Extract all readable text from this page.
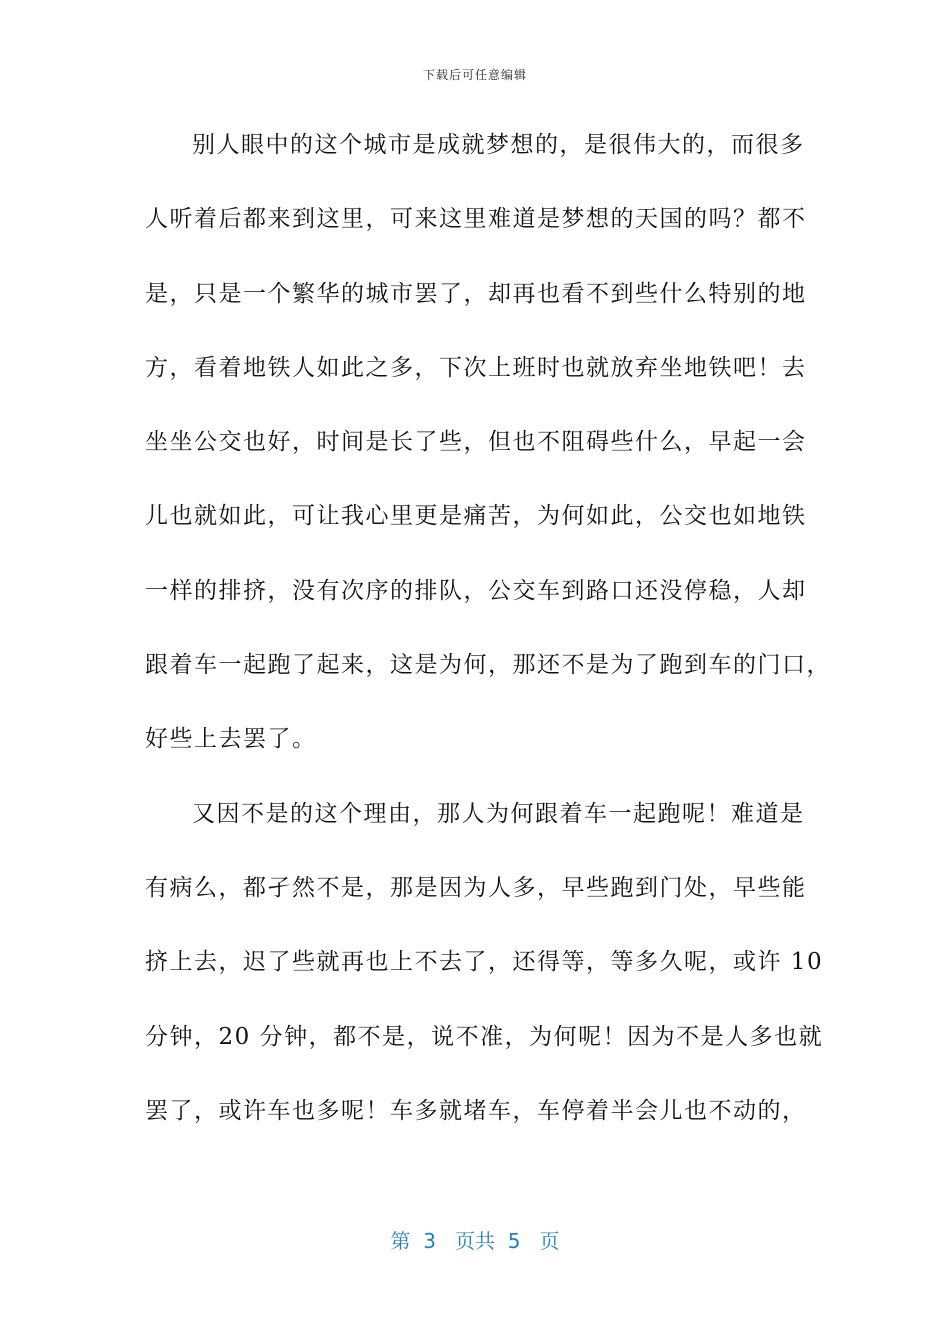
下载后可任意编辑
别人眼中的这个城市是成就梦想的，是很伟大的，而很多
人听着后都来到这里，可来这里难道是梦想的天国的吗？都不
是，只是一个繁华的城市罢了，却再也看不到些什么特别的地
方，看着地铁人如此之多，下次上班时也就放弃坐地铁吧！去
坐坐公交也好，时间是长了些，但也不阻碍些什么，早起一会
儿也就如此，可让我心里更是痛苦，为何如此，公交也如地铁
一样的排挤，没有次序的排队，公交车到路口还没停稳，人却
跟着车一起跑了起来，这是为何，那还不是为了跑到车的门口，
好些上去罢了。
又因不是的这个理由，那人为何跟着车一起跑呢！难道是
有病么，都孑然不是，那是因为人多，早些跑到门处，早些能
挤上去，迟了些就再也上不去了，还得等，等多久呢，或许 10
分钟，20 分钟，都不是，说不准，为何呢！因为不是人多也就
罢了，或许车也多呢！车多就堵车，车停着半会儿也不动的，
第  3   页共  5   页
